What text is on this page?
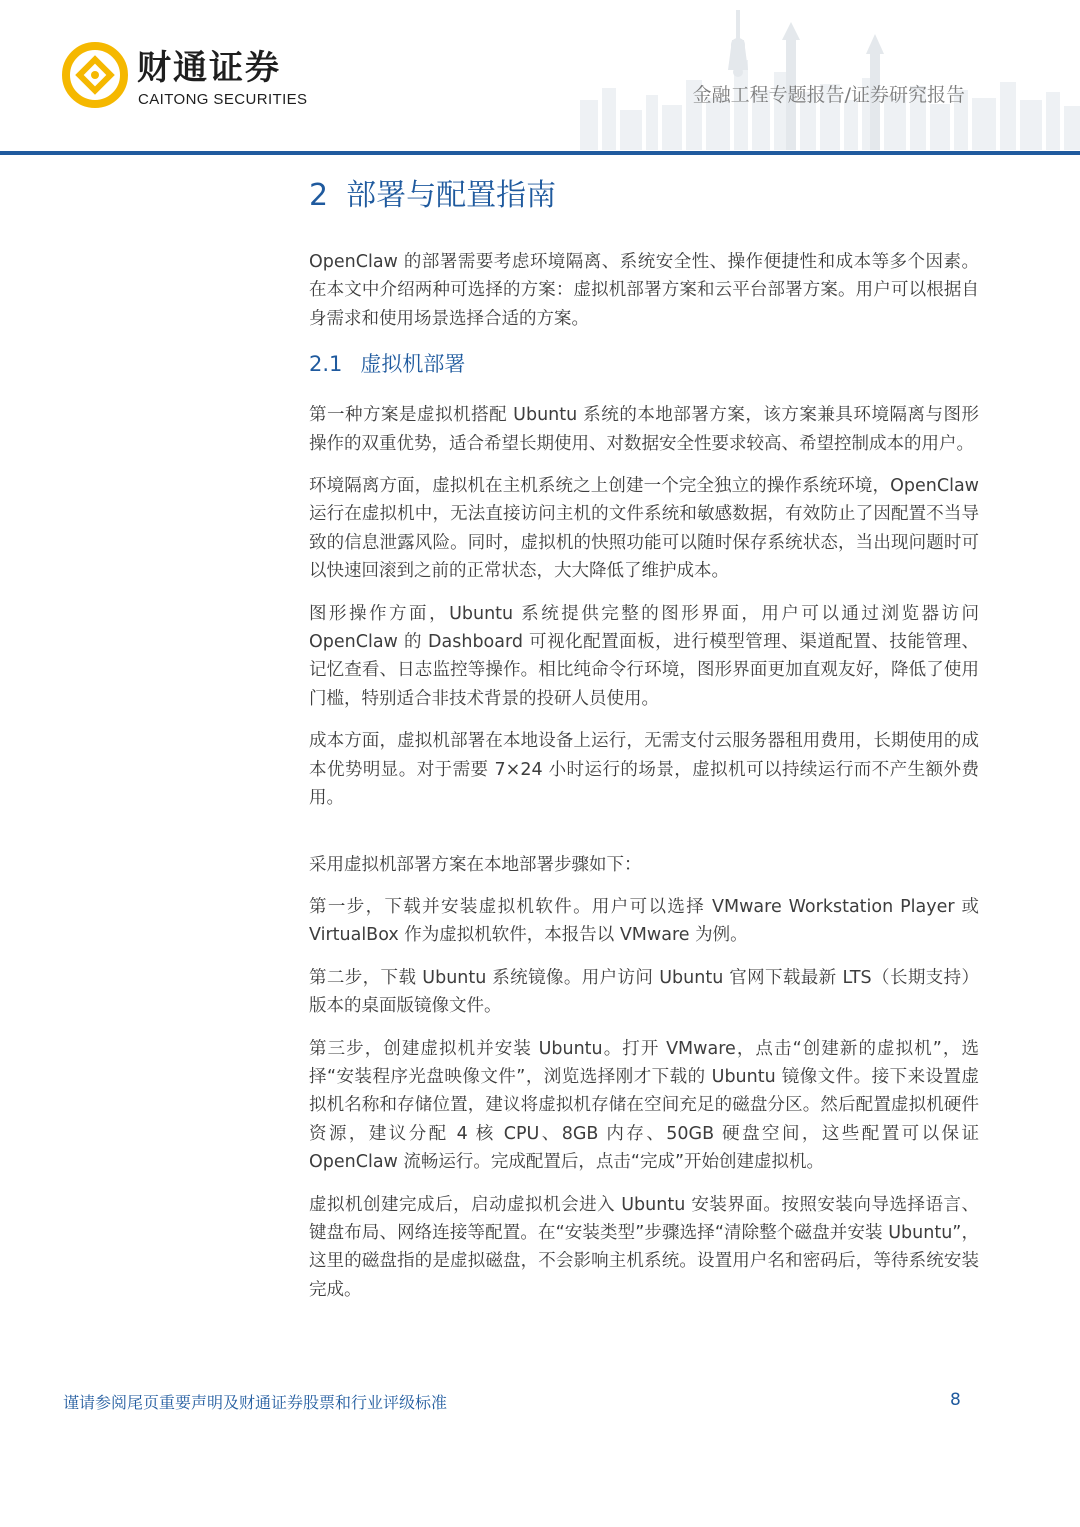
财通证券
CAITONG SECURITIES	金融工程专题报告/证券研究报告
2 部署与配置指南

OpenClaw 的部署需要考虑环境隔离、系统安全性、操作便捷性和成本等多个因素。在本文中介绍两种可选择的方案：虚拟机部署方案和云平台部署方案。用户可以根据自身需求和使用场景选择合适的方案。

2.1 虚拟机部署

第一种方案是虚拟机搭配 Ubuntu 系统的本地部署方案，该方案兼具环境隔离与图形操作的双重优势，适合希望长期使用、对数据安全性要求较高、希望控制成本的用户。

环境隔离方面，虚拟机在主机系统之上创建一个完全独立的操作系统环境，OpenClaw 运行在虚拟机中，无法直接访问主机的文件系统和敏感数据，有效防止了因配置不当导致的信息泄露风险。同时，虚拟机的快照功能可以随时保存系统状态，当出现问题时可以快速回滚到之前的正常状态，大大降低了维护成本。

图形操作方面，Ubuntu 系统提供完整的图形界面，用户可以通过浏览器访问 OpenClaw 的 Dashboard 可视化配置面板，进行模型管理、渠道配置、技能管理、记忆查看、日志监控等操作。相比纯命令行环境，图形界面更加直观友好，降低了使用门槛，特别适合非技术背景的投研人员使用。

成本方面，虚拟机部署在本地设备上运行，无需支付云服务器租用费用，长期使用的成本优势明显。对于需要 7×24 小时运行的场景，虚拟机可以持续运行而不产生额外费用。

采用虚拟机部署方案在本地部署步骤如下：

第一步，下载并安装虚拟机软件。用户可以选择 VMware Workstation Player 或 VirtualBox 作为虚拟机软件，本报告以 VMware 为例。

第二步，下载 Ubuntu 系统镜像。用户访问 Ubuntu 官网下载最新 LTS（长期支持）版本的桌面版镜像文件。

第三步，创建虚拟机并安装 Ubuntu。打开 VMware，点击“创建新的虚拟机”，选择“安装程序光盘映像文件”，浏览选择刚才下载的 Ubuntu 镜像文件。接下来设置虚拟机名称和存储位置，建议将虚拟机存储在空间充足的磁盘分区。然后配置虚拟机硬件资源，建议分配 4 核 CPU、8GB 内存、50GB 硬盘空间，这些配置可以保证 OpenClaw 流畅运行。完成配置后，点击“完成”开始创建虚拟机。

虚拟机创建完成后，启动虚拟机会进入 Ubuntu 安装界面。按照安装向导选择语言、键盘布局、网络连接等配置。在“安装类型”步骤选择“清除整个磁盘并安装 Ubuntu”，这里的磁盘指的是虚拟磁盘，不会影响主机系统。设置用户名和密码后，等待系统安装完成。

谨请参阅尾页重要声明及财通证券股票和行业评级标准	8
